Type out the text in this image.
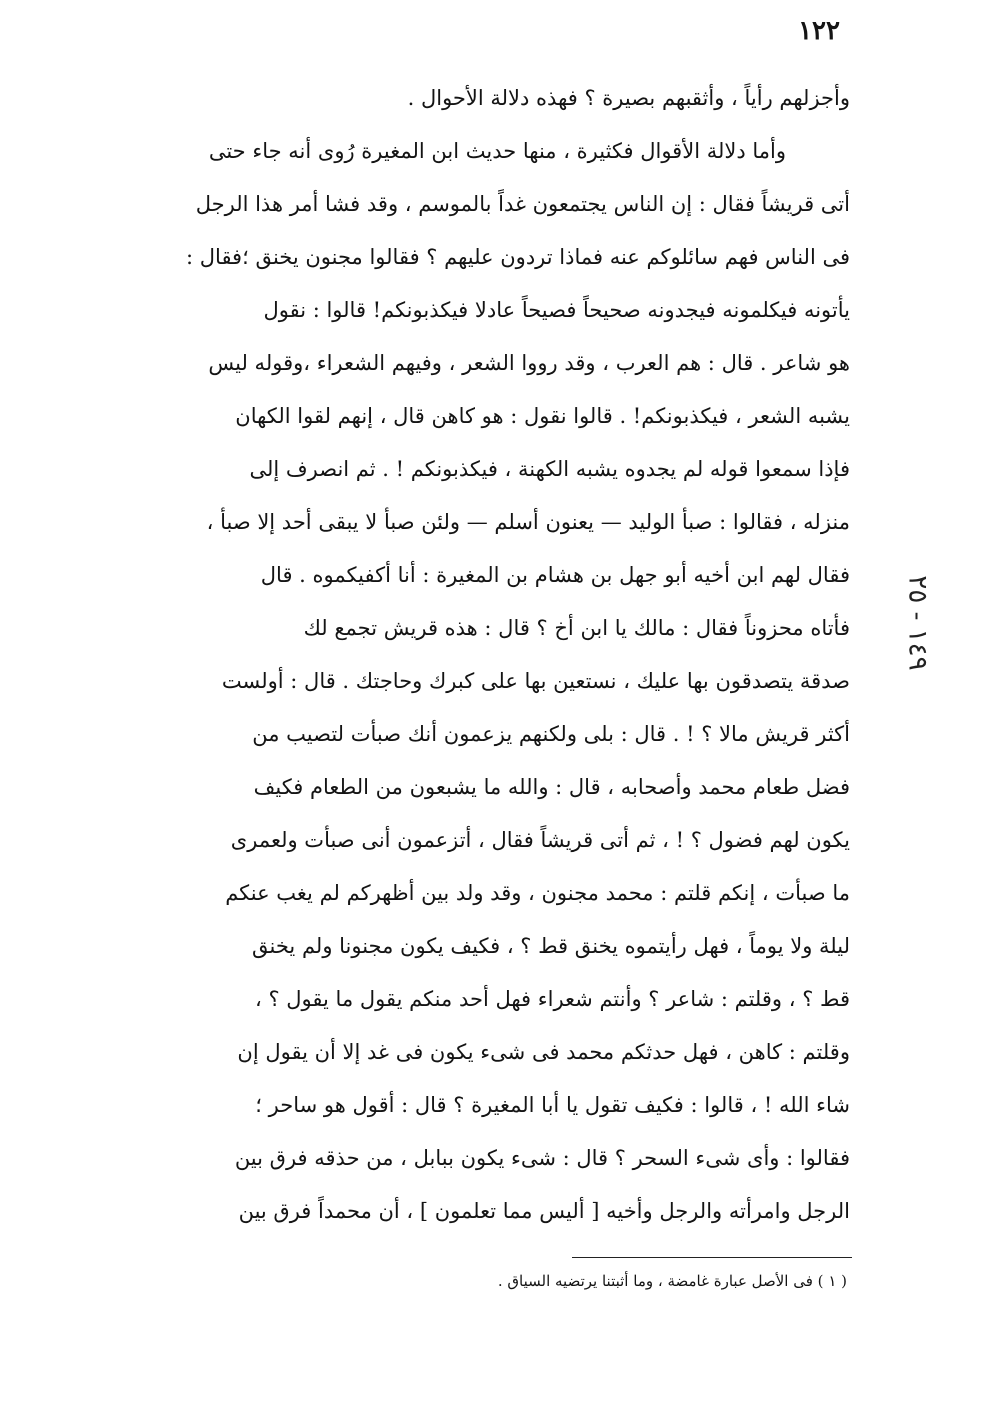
١٢٢
وأجزلهم رأياً ، وأثقبهم بصيرة ؟ فهذه دلالة الأحوال .
وأما دلالة الأقوال فكثيرة ، منها حديث ابن المغيرة رُوى أنه جاء حتى
أتى قريشاً فقال : إن الناس يجتمعون غداً بالموسم ، وقد فشا أمر هذا الرجل
فى الناس فهم سائلوكم عنه فماذا تردون عليهم ؟ فقالوا مجنون يخنق ؛فقال :
يأتونه فيكلمونه فيجدونه صحيحاً فصيحاً عادلا فيكذبونكم! قالوا : نقول
هو شاعر . قال : هم العرب ، وقد رووا الشعر ، وفيهم الشعراء ،وقوله ليس
يشبه الشعر ، فيكذبونكم! . قالوا نقول : هو كاهن قال ، إنهم لقوا الكهان
فإذا سمعوا قوله لم يجدوه يشبه الكهنة ، فيكذبونكم ! . ثم انصرف إلى
منزله ، فقالوا : صبأ الوليد — يعنون أسلم — ولئن صبأ لا يبقى أحد إلا صبأ ،
فقال لهم ابن أخيه أبو جهل بن هشام بن المغيرة : أنا أكفيكموه . قال
فأتاه محزوناً فقال : مالك يا ابن أخ ؟ قال : هذه قريش تجمع لك
صدقة يتصدقون بها عليك ، نستعين بها على كبرك وحاجتك . قال : أولست
أكثر قريش مالا ؟ ! . قال : بلى ولكنهم يزعمون أنك صبأت لتصيب من
فضل طعام محمد وأصحابه ، قال : والله ما يشبعون من الطعام فكيف
يكون لهم فضول ؟ ! ، ثم أتى قريشاً فقال ، أتزعمون أنى صبأت ولعمرى
ما صبأت ، إنكم قلتم : محمد مجنون ، وقد ولد بين أظهركم لم يغب عنكم
ليلة ولا يوماً ، فهل رأيتموه يخنق قط ؟ ، فكيف يكون مجنونا ولم يخنق
قط ؟ ، وقلتم : شاعر ؟ وأنتم شعراء فهل أحد منكم يقول ما يقول ؟ ،
وقلتم : كاهن ، فهل حدثكم محمد فى شىء يكون فى غد إلا أن يقول إن
شاء الله ! ، قالوا : فكيف تقول يا أبا المغيرة ؟ قال : أقول هو ساحر ؛
فقالوا : وأى شىء السحر ؟ قال : شىء يكون ببابل ، من حذقه فرق بين
الرجل وامرأته والرجل وأخيه [ أليس مما تعلمون ] ، أن محمداً فرق بين
( ١ ) فى الأصل عبارة غامضة ، وما أثبتنا يرتضيه السياق .
١٤٩ - ٢٥
